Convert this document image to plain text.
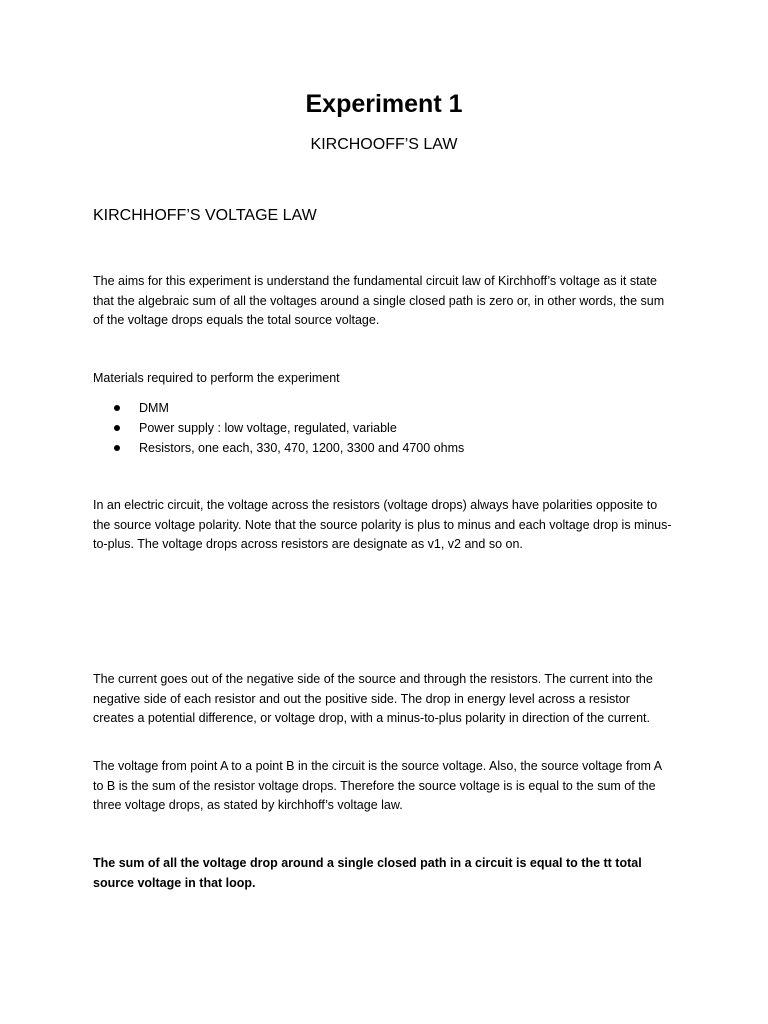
Experiment 1
KIRCHOOFF’S LAW
KIRCHHOFF’S VOLTAGE LAW

The aims for this experiment is understand the fundamental circuit law of Kirchhoff’s voltage as it state that the algebraic sum of all the voltages around a single closed path is zero or, in other words, the sum of the voltage drops equals the total source voltage.

Materials required to perform the experiment

DMM
Power supply : low voltage, regulated, variable
Resistors, one each, 330, 470, 1200, 3300 and 4700 ohms

In an electric circuit, the voltage across the resistors (voltage drops) always have polarities opposite to the source voltage polarity. Note that the source polarity is plus to minus and each voltage drop is minus-to-plus. The voltage drops across resistors are designate as v1, v2 and so on.

The current goes out of the negative side of the source and through the resistors. The current into the negative side of each resistor and out the positive side. The drop in energy level across a resistor creates a potential difference, or voltage drop, with a minus-to-plus polarity in direction of the current.

The voltage from point A to a point B in the circuit is the source voltage. Also, the source voltage from A to B is the sum of the resistor voltage drops. Therefore the source voltage is is equal to the sum of the three voltage drops, as stated by kirchhoff’s voltage law.

The sum of all the voltage drop around a single closed path in a circuit is equal to the tt total source voltage in that loop.
